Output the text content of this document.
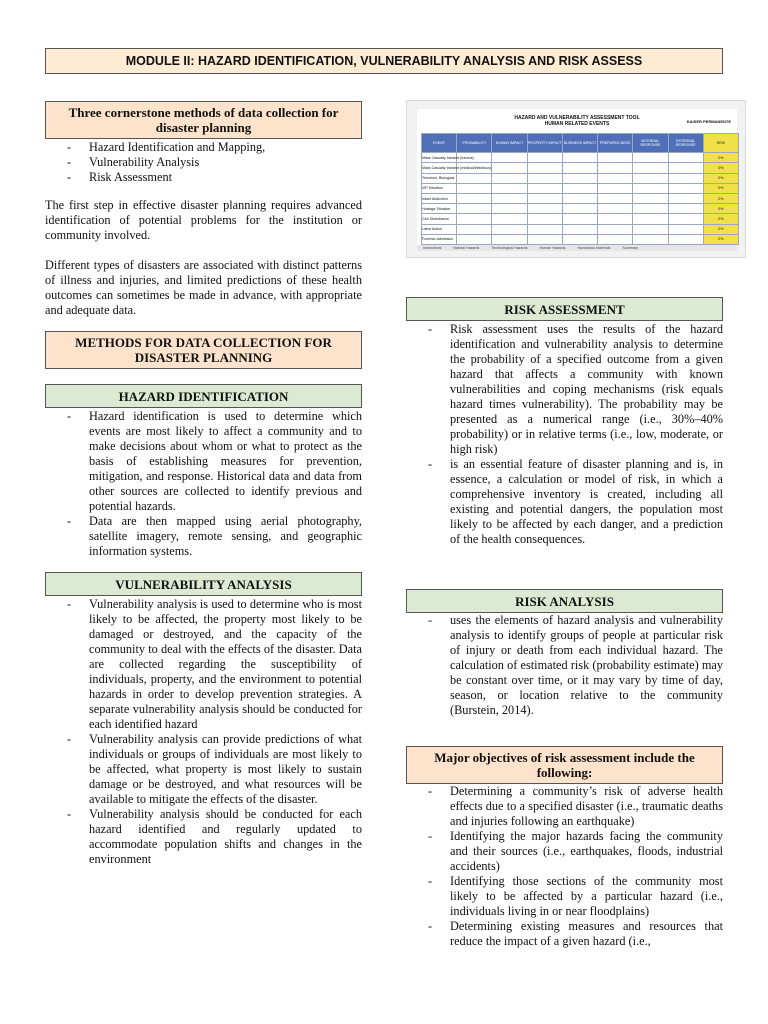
MODULE II: HAZARD IDENTIFICATION, VULNERABILITY ANALYSIS AND RISK ASSESS
Three cornerstone methods of data collection for disaster planning
- Hazard Identification and Mapping,
- Vulnerability Analysis
- Risk Assessment

The first step in effective disaster planning requires advanced identification of potential problems for the institution or community involved.

Different types of disasters are associated with distinct patterns of illness and injuries, and limited predictions of these health outcomes can sometimes be made in advance, with appropriate and adequate data.

METHODS FOR DATA COLLECTION FOR DISASTER PLANNING
HAZARD IDENTIFICATION
- Hazard identification is used to determine which events are most likely to affect a community and to make decisions about whom or what to protect as the basis of establishing measures for prevention, mitigation, and response. Historical data and data from other sources are collected to identify previous and potential hazards.
- Data are then mapped using aerial photography, satellite imagery, remote sensing, and geographic information systems.
VULNERABILITY ANALYSIS
- Vulnerability analysis is used to determine who is most likely to be affected, the property most likely to be damaged or destroyed, and the capacity of the community to deal with the effects of the disaster. Data are collected regarding the susceptibility of individuals, property, and the environment to potential hazards in order to develop prevention strategies. A separate vulnerability analysis should be conducted for each identified hazard
- Vulnerability analysis can provide predictions of what individuals or groups of individuals are most likely to be affected, what property is most likely to sustain damage or be destroyed, and what resources will be available to mitigate the effects of the disaster.
- Vulnerability analysis should be conducted for each hazard identified and regularly updated to accommodate population shifts and changes in the environment
HAZARD AND VULNERABILITY ASSESSMENT TOOL
HUMAN RELATED EVENTS	KAISER PERMANENTE
EVENT	PROBABILITY	HUMAN IMPACT	PROPERTY IMPACT	BUSINESS IMPACT	PREPARED-NESS	INTERNAL RESPONSE	EXTERNAL RESPONSE	RISK
Mass Casualty Incident (trauma)								0%
Mass Casualty Incident (medical/infectious)								0%
Terrorism, Biological								0%
VIP Situation								0%
Infant Abduction								0%
Hostage Situation								0%
Civil Disturbance								0%
Labor Action								0%
Forensic Admission								0%
Instructions	Natural Hazards	Technological Hazards	Human Hazards	Hazardous Materials	Summary
RISK ASSESSMENT
- Risk assessment uses the results of the hazard identification and vulnerability analysis to determine the probability of a specified outcome from a given hazard that affects a community with known vulnerabilities and coping mechanisms (risk equals hazard times vulnerability). The probability may be presented as a numerical range (i.e., 30%–40% probability) or in relative terms (i.e., low, moderate, or high risk)
- is an essential feature of disaster planning and is, in essence, a calculation or model of risk, in which a comprehensive inventory is created, including all existing and potential dangers, the population most likely to be affected by each danger, and a prediction of the health consequences.
RISK ANALYSIS
- uses the elements of hazard analysis and vulnerability analysis to identify groups of people at particular risk of injury or death from each individual hazard. The calculation of estimated risk (probability estimate) may be constant over time, or it may vary by time of day, season, or location relative to the community (Burstein, 2014).
Major objectives of risk assessment include the following:
- Determining a community’s risk of adverse health effects due to a specified disaster (i.e., traumatic deaths and injuries following an earthquake)
- Identifying the major hazards facing the community and their sources (i.e., earthquakes, floods, industrial accidents)
- Identifying those sections of the community most likely to be affected by a particular hazard (i.e., individuals living in or near floodplains)
- Determining existing measures and resources that reduce the impact of a given hazard (i.e.,
